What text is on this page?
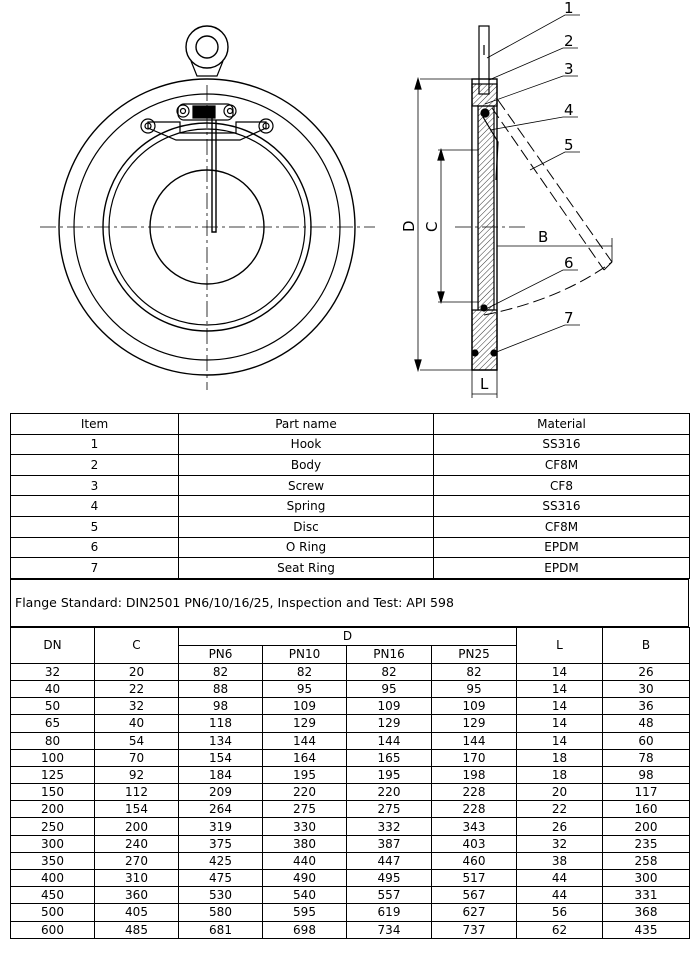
1
2
3
4
5
6
7
D C
B
L
Item	Part name	Material
1	Hook	SS316
2	Body	CF8M
3	Screw	CF8
4	Spring	SS316
5	Disc	CF8M
6	O Ring	EPDM
7	Seat Ring	EPDM
Flange Standard: DIN2501 PN6/10/16/25, Inspection and Test: API 598
DN	C	D				L	B
		PN6	PN10	PN16	PN25		
32	20	82	82	82	82	14	26
40	22	88	95	95	95	14	30
50	32	98	109	109	109	14	36
65	40	118	129	129	129	14	48
80	54	134	144	144	144	14	60
100	70	154	164	165	170	18	78
125	92	184	195	195	198	18	98
150	112	209	220	220	228	20	117
200	154	264	275	275	228	22	160
250	200	319	330	332	343	26	200
300	240	375	380	387	403	32	235
350	270	425	440	447	460	38	258
400	310	475	490	495	517	44	300
450	360	530	540	557	567	44	331
500	405	580	595	619	627	56	368
600	485	681	698	734	737	62	435
